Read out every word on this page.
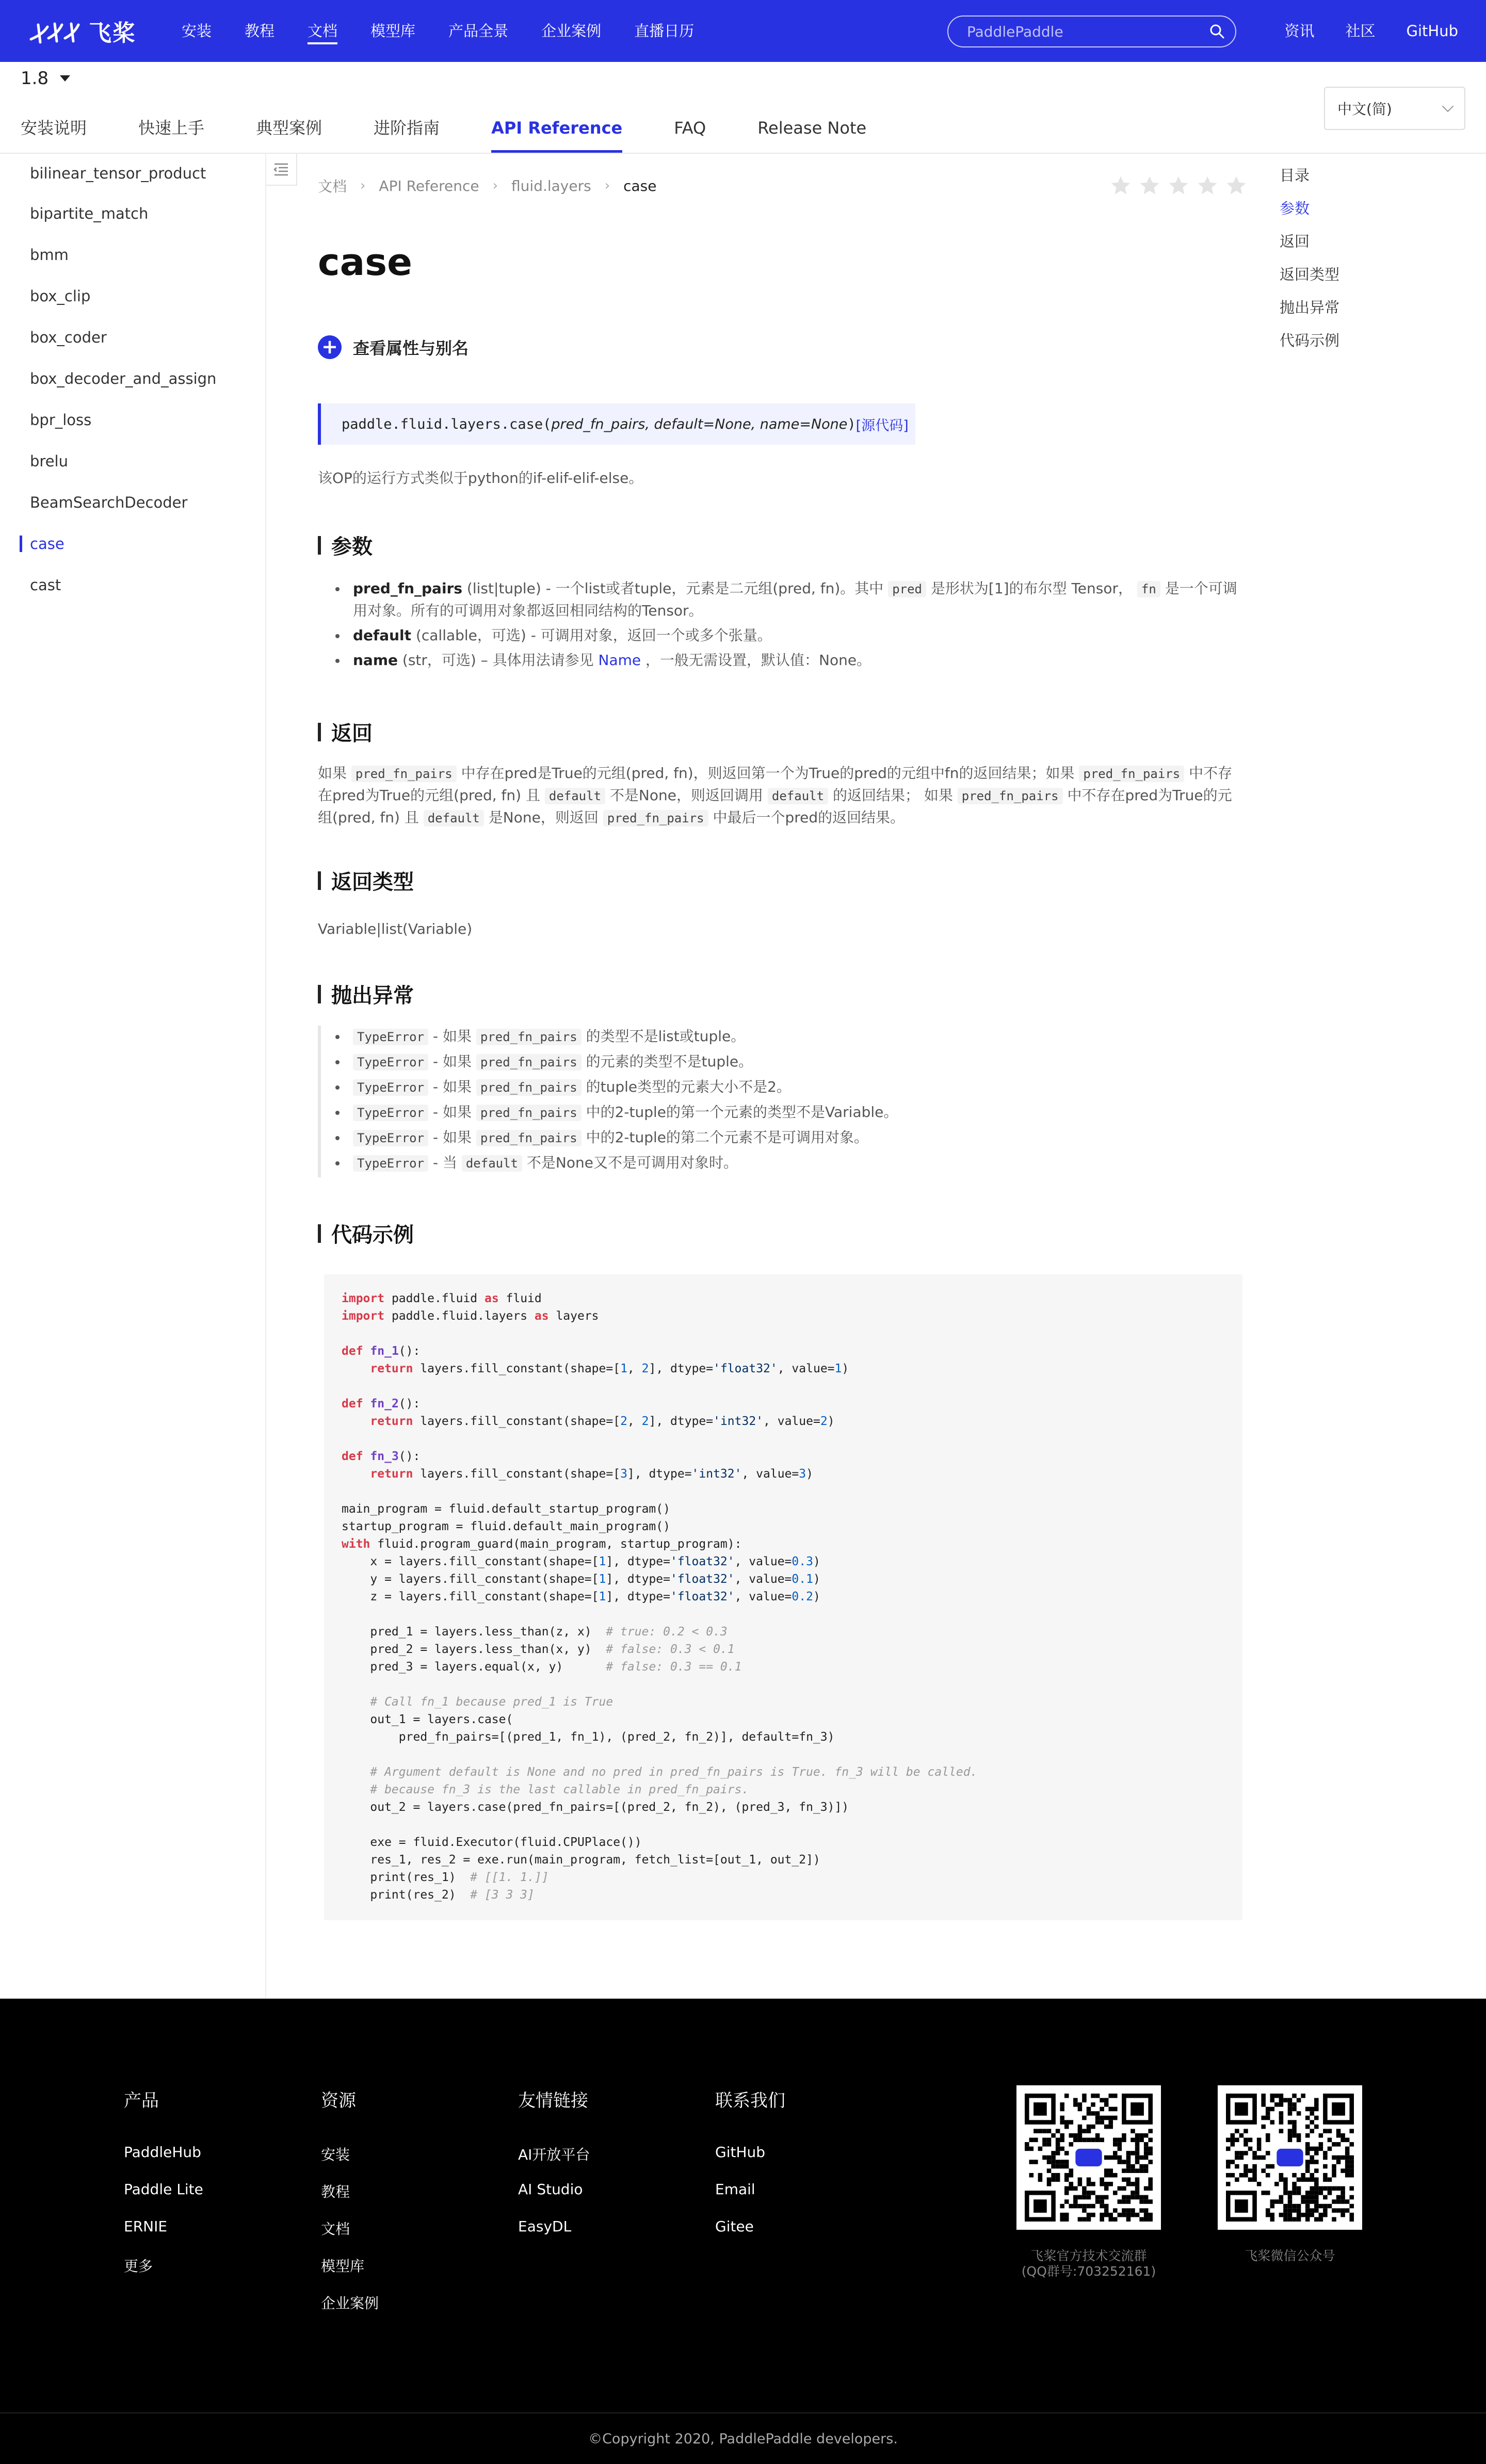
飞桨	安装 教程 文档 模型库 产品全景 企业案例 直播日历
PaddlePaddle	资讯 社区 GitHub
1.8
安装说明	快速上手	典型案例	进阶指南	API Reference	FAQ	Release Note
中文(简)
bilinear_tensor_product
bipartite_match
bmm
box_clip
box_coder
box_decoder_and_assign
bpr_loss
brelu
BeamSearchDecoder
case
cast
文档 › API Reference › fluid.layers › case
case
+ 查看属性与别名
paddle.fluid.layers.case( pred_fn_pairs, default=None, name=None ) [源代码]

该OP的运行方式类似于python的if-elif-elif-else。

参数
pred_fn_pairs (list|tuple) - 一个list或者tuple，元素是二元组(pred, fn)。其中 pred 是形状为[1]的布尔型 Tensor， fn 是一个可调用对象。所有的可调用对象都返回相同结构的Tensor。
default (callable，可选) - 可调用对象，返回一个或多个张量。
name (str，可选) – 具体用法请参见 Name ，一般无需设置，默认值：None。
返回

如果 pred_fn_pairs 中存在pred是True的元组(pred, fn)，则返回第一个为True的pred的元组中fn的返回结果；如果 pred_fn_pairs 中不存在pred为True的元组(pred, fn) 且 default 不是None，则返回调用 default 的返回结果； 如果 pred_fn_pairs 中不存在pred为True的元组(pred, fn) 且 default 是None，则返回 pred_fn_pairs 中最后一个pred的返回结果。

返回类型

Variable|list(Variable)

抛出异常
TypeError - 如果 pred_fn_pairs 的类型不是list或tuple。
TypeError - 如果 pred_fn_pairs 的元素的类型不是tuple。
TypeError - 如果 pred_fn_pairs 的tuple类型的元素大小不是2。
TypeError - 如果 pred_fn_pairs 中的2-tuple的第一个元素的类型不是Variable。
TypeError - 如果 pred_fn_pairs 中的2-tuple的第二个元素不是可调用对象。
TypeError - 当 default 不是None又不是可调用对象时。
代码示例
import paddle.fluid as fluid
import paddle.fluid.layers as layers

def fn_1():
return layers.fill_constant(shape=[1, 2], dtype='float32', value=1)

def fn_2():
return layers.fill_constant(shape=[2, 2], dtype='int32', value=2)

def fn_3():
return layers.fill_constant(shape=[3], dtype='int32', value=3)

main_program = fluid.default_startup_program()
startup_program = fluid.default_main_program()
with fluid.program_guard(main_program, startup_program):
x = layers.fill_constant(shape=[1], dtype='float32', value=0.3)
y = layers.fill_constant(shape=[1], dtype='float32', value=0.1)
z = layers.fill_constant(shape=[1], dtype='float32', value=0.2)

pred_1 = layers.less_than(z, x)  # true: 0.2 < 0.3
pred_2 = layers.less_than(x, y)  # false: 0.3 < 0.1
pred_3 = layers.equal(x, y)	# false: 0.3 == 0.1

# Call fn_1 because pred_1 is True
out_1 = layers.case(
pred_fn_pairs=[(pred_1, fn_1), (pred_2, fn_2)], default=fn_3)

# Argument default is None and no pred in pred_fn_pairs is True. fn_3 will be called.
# because fn_3 is the last callable in pred_fn_pairs.
out_2 = layers.case(pred_fn_pairs=[(pred_2, fn_2), (pred_3, fn_3)])

exe = fluid.Executor(fluid.CPUPlace())
res_1, res_2 = exe.run(main_program, fetch_list=[out_1, out_2])
print(res_1)  # [[1. 1.]]
print(res_2)  # [3 3 3]
目录
参数
返回
返回类型
抛出异常
代码示例
产品
PaddleHub
Paddle Lite
ERNIE
更多
资源
安装
教程
文档
模型库
企业案例
友情链接
AI开放平台
AI Studio
EasyDL
联系我们
GitHub
Email
Gitee
飞桨官方技术交流群
(QQ群号:703252161)
飞桨微信公众号
©Copyright 2020, PaddlePaddle developers.
